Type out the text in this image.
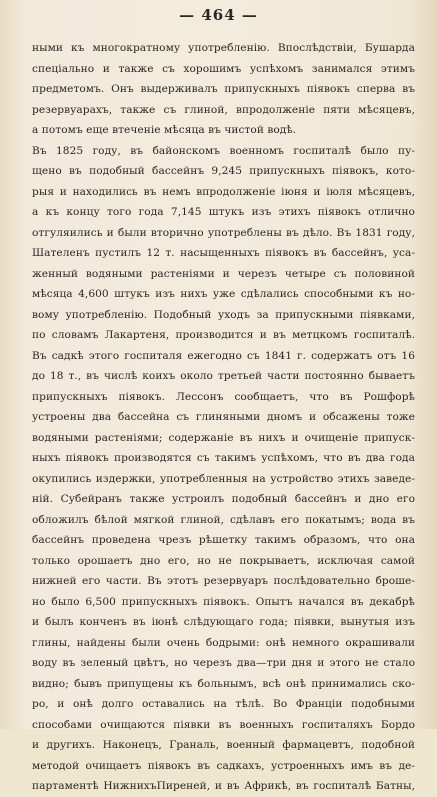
— 464 —
ными къ многократному употребленію. Впослѣдствіи, Бушарда
спеціально и также съ хорошимъ успѣхомъ занимался этимъ
предметомъ. Онъ выдерживалъ припускныхъ піявокъ сперва въ
резервуарахъ, также съ глиной, впродолженіе пяти мѣсяцевъ,
а потомъ еще втеченіе мѣсяца въ чистой водѣ.
Въ 1825 году, въ байонскомъ военномъ госпиталѣ было пу-
щено въ подобный бассейнъ 9,245 припускныхъ піявокъ, кото-
рыя и находились въ немъ впродолженіе іюня и іюля мѣсяцевъ,
а къ концу того года 7,145 штукъ изъ этихъ піявокъ отлично
отгуляились и были вторично употреблены въ дѣло. Въ 1831 году,
Шателенъ пустилъ 12 т. насыщенныхъ піявокъ въ бассейнъ, уса-
женный водяными растеніями и черезъ четыре съ половиной
мѣсяца 4,600 штукъ изъ нихъ уже сдѣлались способными къ но-
вому употребленію. Подобный уходъ за припускными піявками,
по словамъ Лакартеня, производится и въ метцкомъ госпиталѣ.
Въ садкѣ этого госпиталя ежегодно съ 1841 г. содержатъ отъ 16
до 18 т., въ числѣ коихъ около третьей части постоянно бываетъ
припускныхъ піявокъ. Лессонъ сообщаетъ, что въ Рошфорѣ
устроены два бассейна съ глиняными дномъ и обсажены тоже
водяными растеніями; содержаніе въ нихъ и очищеніе припуск-
ныхъ піявокъ производятся съ такимъ успѣхомъ, что въ два года
окупились издержки, употребленныя на устройство этихъ заведе-
ній. Субейранъ также устроилъ подобный бассейнъ и дно его
обложилъ бѣлой мягкой глиной, сдѣлавъ его покатымъ; вода въ
бассейнъ проведена чрезъ рѣшетку такимъ образомъ, что она
только орошаетъ дно его, но не покрываетъ, исключая самой
нижней его части. Въ этотъ резервуаръ послѣдовательно броше-
но было 6,500 припускныхъ піявокъ. Опытъ начался въ декабрѣ
и былъ конченъ въ іюнѣ слѣдующаго года; піявки, вынутыя изъ
глины, найдены были очень бодрыми: онѣ немного окрашивали
воду въ зеленый цвѣтъ, но черезъ два—три дня и этого не стало
видно; бывъ припущены къ больнымъ, всѣ онѣ принимались ско-
ро, и онѣ долго оставались на тѣлѣ. Во Франціи подобными
способами очищаются піявки въ военныхъ госпиталяхъ Бордо
и другихъ. Наконецъ, Граналь, военный фармацевтъ, подобной
методой очищаетъ піявокъ въ садкахъ, устроенныхъ имъ въ де-
партаментѣ НижнихъПиреней, и въ Африкѣ, въ госпиталѣ Батны,
